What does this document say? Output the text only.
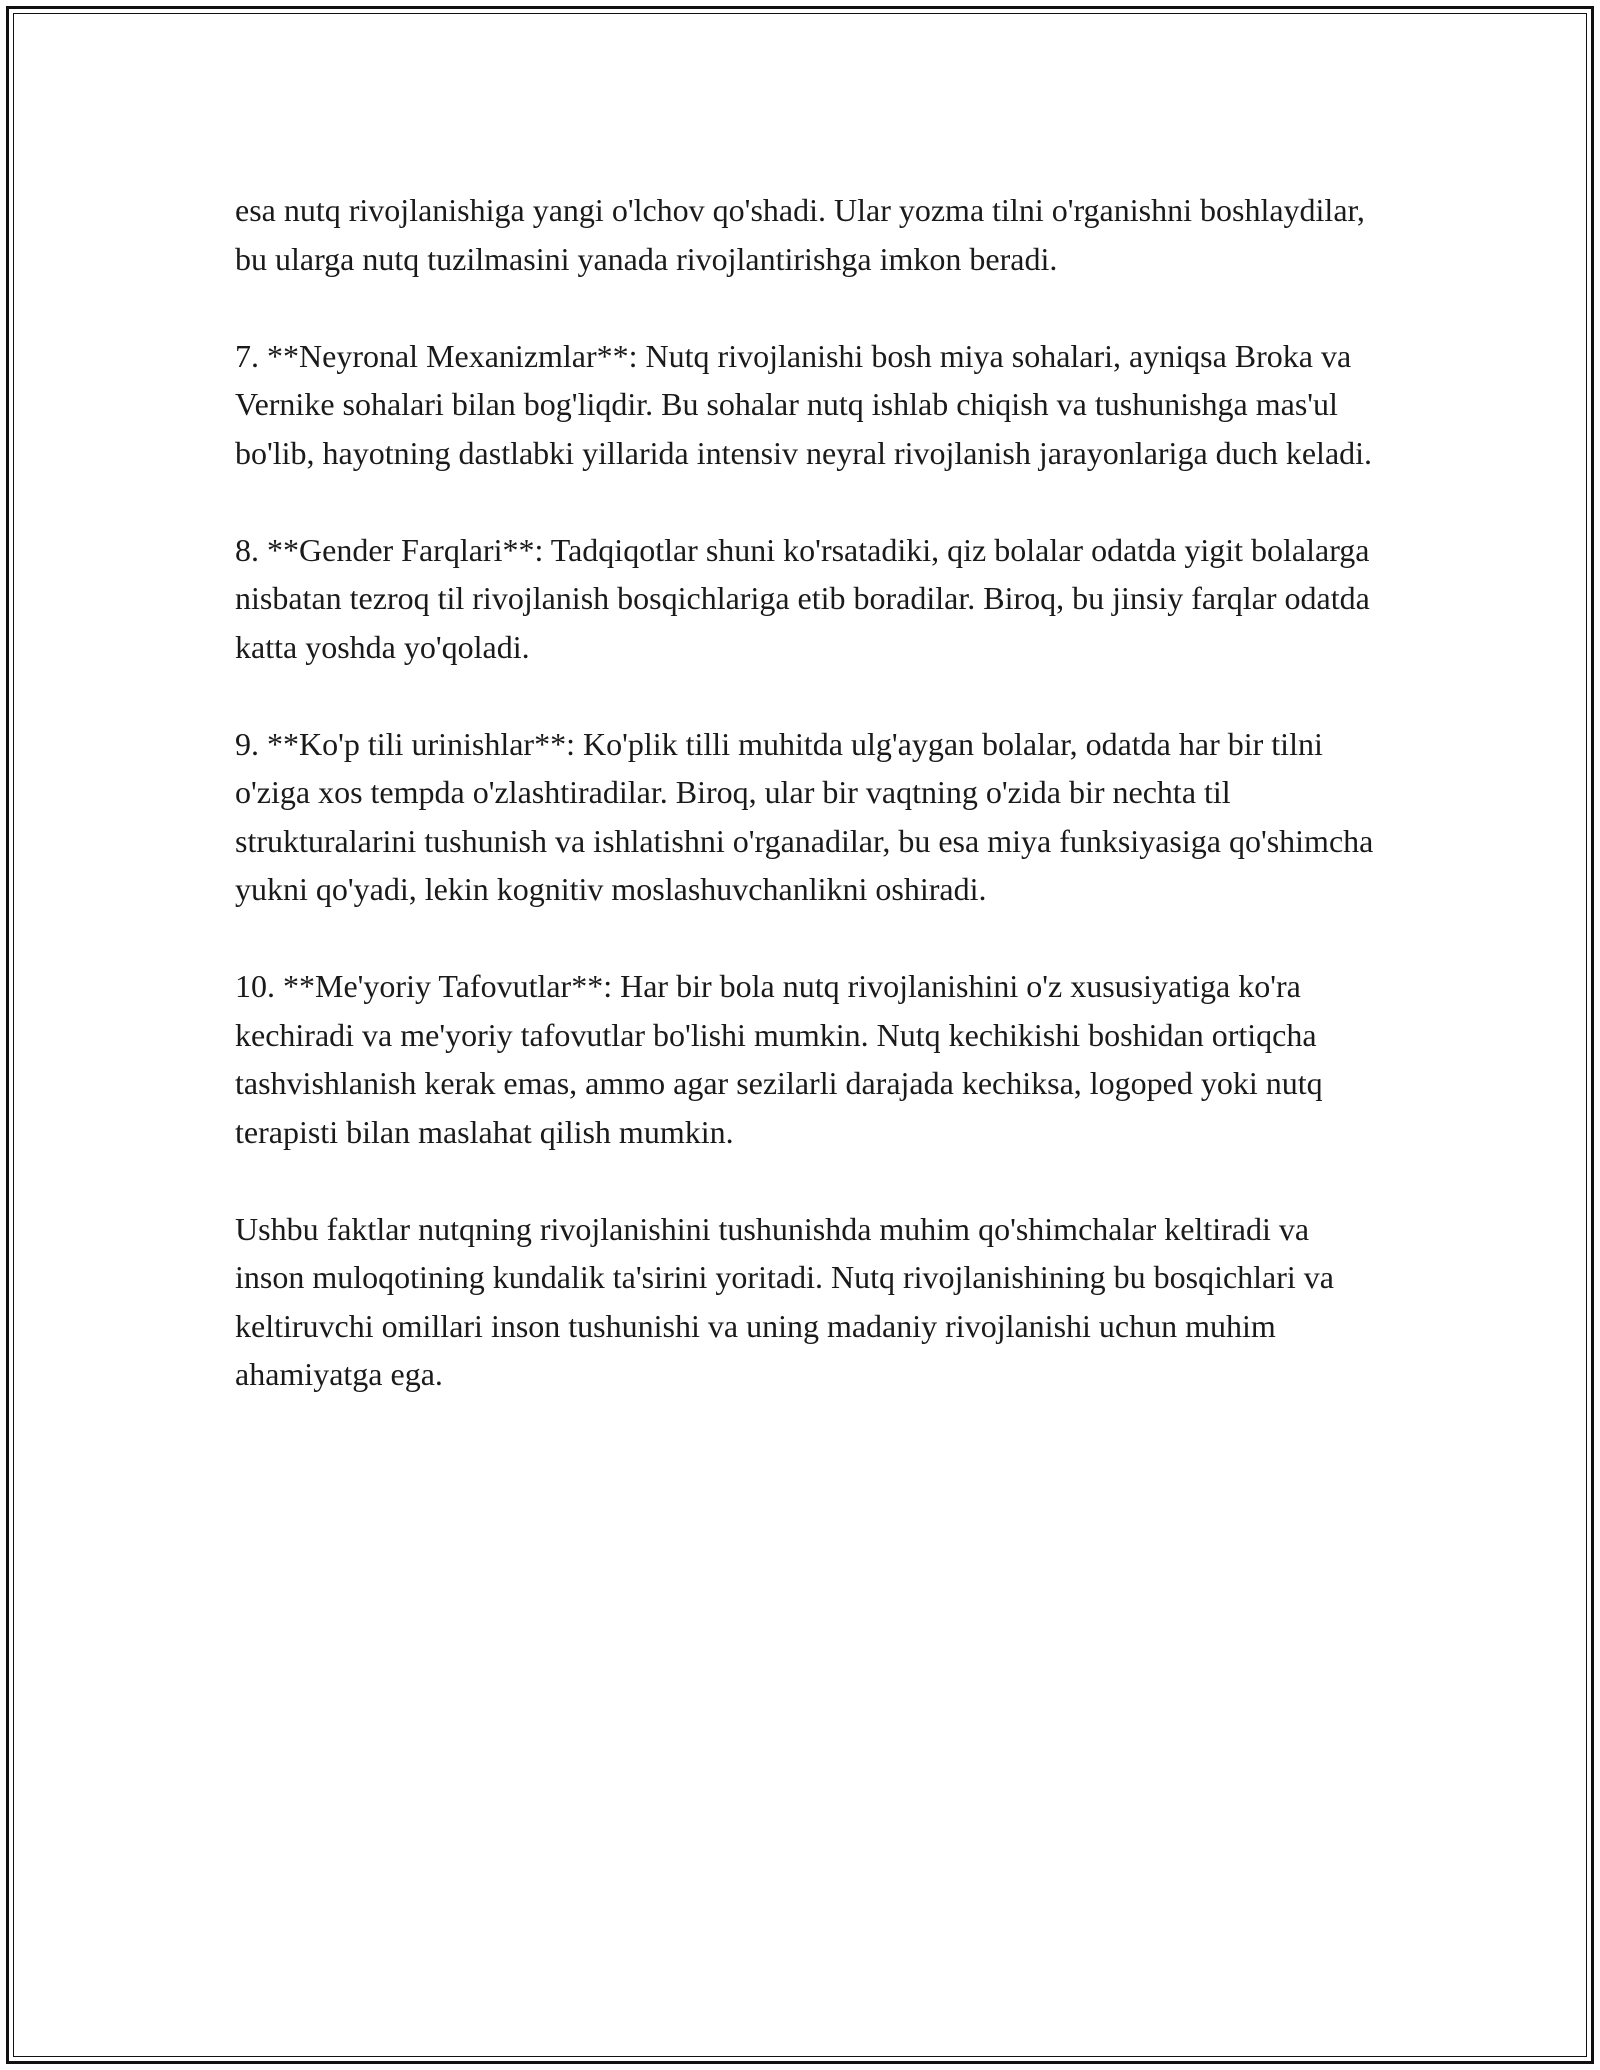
esa nutq rivojlanishiga yangi o'lchov qo'shadi. Ular yozma tilni o'rganishni boshlaydilar, bu ularga nutq tuzilmasini yanada rivojlantirishga imkon beradi.

7. **Neyronal Mexanizmlar**: Nutq rivojlanishi bosh miya sohalari, ayniqsa Broka va Vernike sohalari bilan bog'liqdir. Bu sohalar nutq ishlab chiqish va tushunishga mas'ul bo'lib, hayotning dastlabki yillarida intensiv neyral rivojlanish jarayonlariga duch keladi.

8. **Gender Farqlari**: Tadqiqotlar shuni ko'rsatadiki, qiz bolalar odatda yigit bolalarga nisbatan tezroq til rivojlanish bosqichlariga etib boradilar. Biroq, bu jinsiy farqlar odatda katta yoshda yo'qoladi.

9. **Ko'p tili urinishlar**: Ko'plik tilli muhitda ulg'aygan bolalar, odatda har bir tilni o'ziga xos tempda o'zlashtiradilar. Biroq, ular bir vaqtning o'zida bir nechta til strukturalarini tushunish va ishlatishni o'rganadilar, bu esa miya funksiyasiga qo'shimcha yukni qo'yadi, lekin kognitiv moslashuvchanlikni oshiradi.

10. **Me'yoriy Tafovutlar**: Har bir bola nutq rivojlanishini o'z xususiyatiga ko'ra kechiradi va me'yoriy tafovutlar bo'lishi mumkin. Nutq kechikishi boshidan ortiqcha tashvishlanish kerak emas, ammo agar sezilarli darajada kechiksa, logoped yoki nutq terapisti bilan maslahat qilish mumkin.

Ushbu faktlar nutqning rivojlanishini tushunishda muhim qo'shimchalar keltiradi va inson muloqotining kundalik ta'sirini yoritadi. Nutq rivojlanishining bu bosqichlari va keltiruvchi omillari inson tushunishi va uning madaniy rivojlanishi uchun muhim ahamiyatga ega.
